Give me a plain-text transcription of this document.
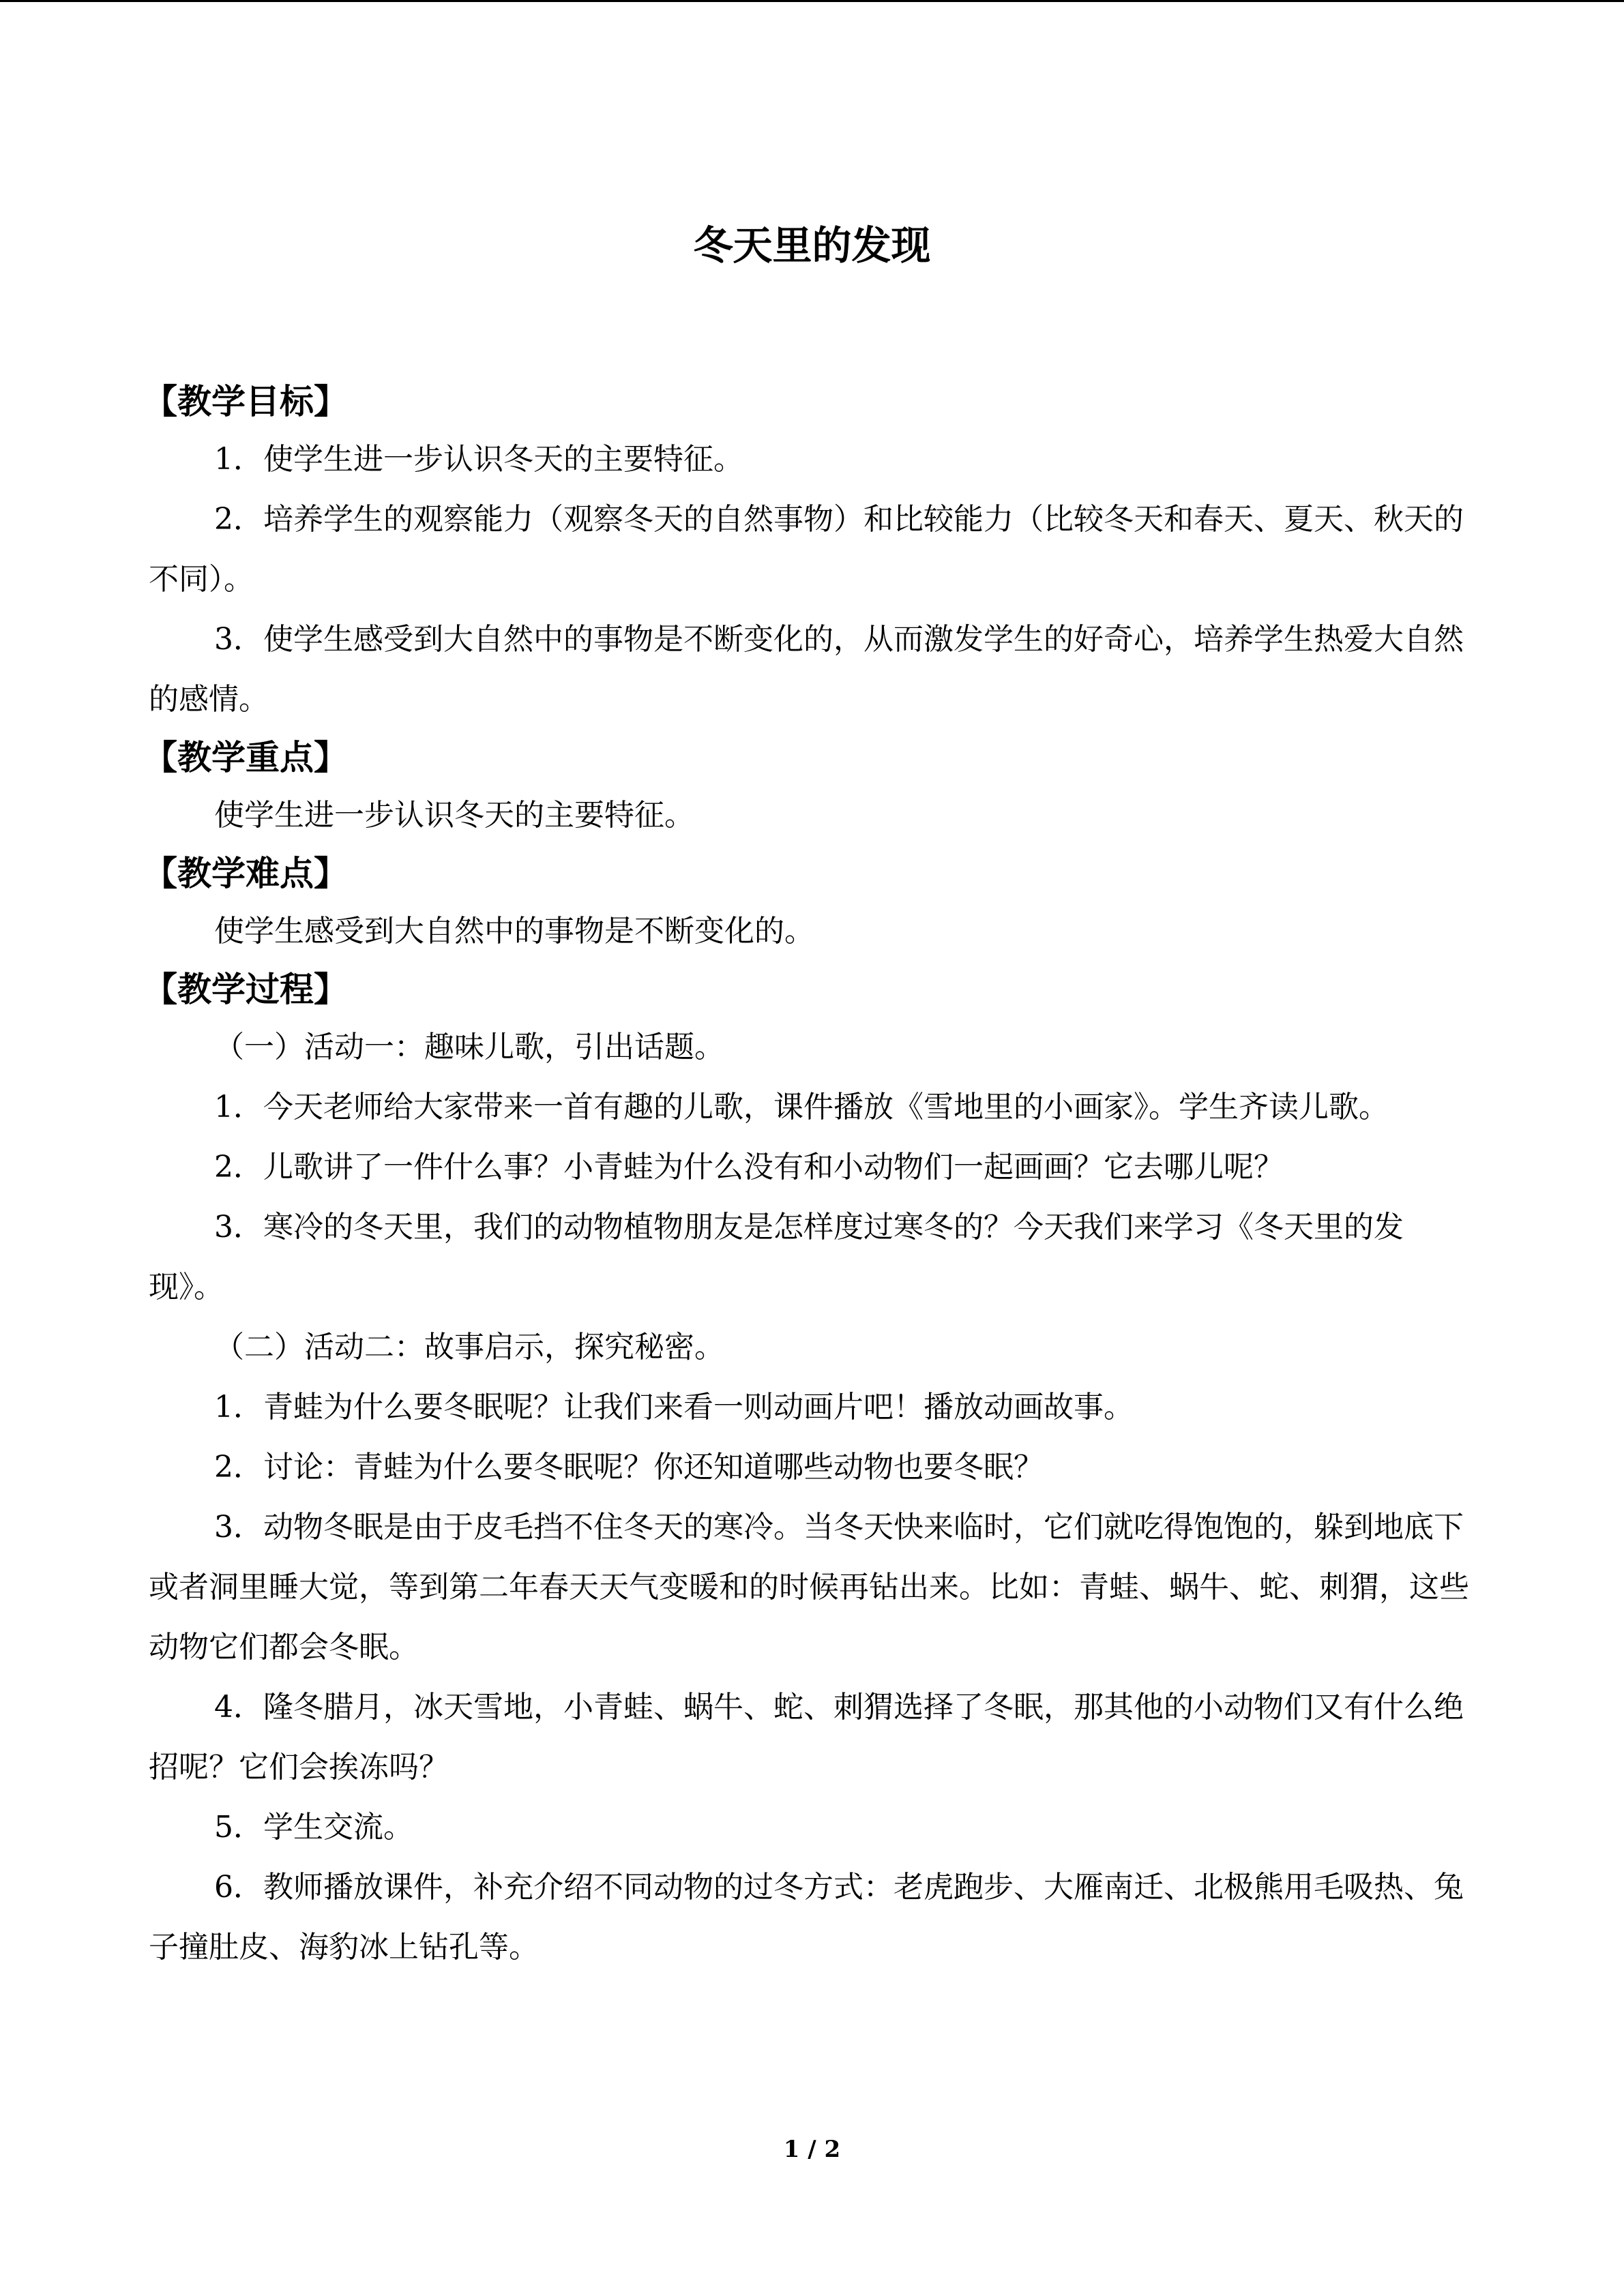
冬天里的发现
【教学目标】

1．使学生进一步认识冬天的主要特征。

2．培养学生的观察能力（观察冬天的自然事物）和比较能力（比较冬天和春天、夏天、秋天的不同）。

3．使学生感受到大自然中的事物是不断变化的，从而激发学生的好奇心，培养学生热爱大自然的感情。

【教学重点】

使学生进一步认识冬天的主要特征。

【教学难点】

使学生感受到大自然中的事物是不断变化的。

【教学过程】

（一）活动一：趣味儿歌，引出话题。

1．今天老师给大家带来一首有趣的儿歌，课件播放《雪地里的小画家》。学生齐读儿歌。

2．儿歌讲了一件什么事？小青蛙为什么没有和小动物们一起画画？它去哪儿呢？

3．寒冷的冬天里，我们的动物植物朋友是怎样度过寒冬的？今天我们来学习《冬天里的发现》。

（二）活动二：故事启示，探究秘密。

1．青蛙为什么要冬眠呢？让我们来看一则动画片吧！播放动画故事。

2．讨论：青蛙为什么要冬眠呢？你还知道哪些动物也要冬眠？

3．动物冬眠是由于皮毛挡不住冬天的寒冷。当冬天快来临时，它们就吃得饱饱的，躲到地底下或者洞里睡大觉，等到第二年春天天气变暖和的时候再钻出来。比如：青蛙、蜗牛、蛇、刺猬，这些动物它们都会冬眠。

4．隆冬腊月，冰天雪地，小青蛙、蜗牛、蛇、刺猬选择了冬眠，那其他的小动物们又有什么绝招呢？它们会挨冻吗？

5．学生交流。

6．教师播放课件，补充介绍不同动物的过冬方式：老虎跑步、大雁南迁、北极熊用毛吸热、兔子撞肚皮、海豹冰上钻孔等。

1 / 2
